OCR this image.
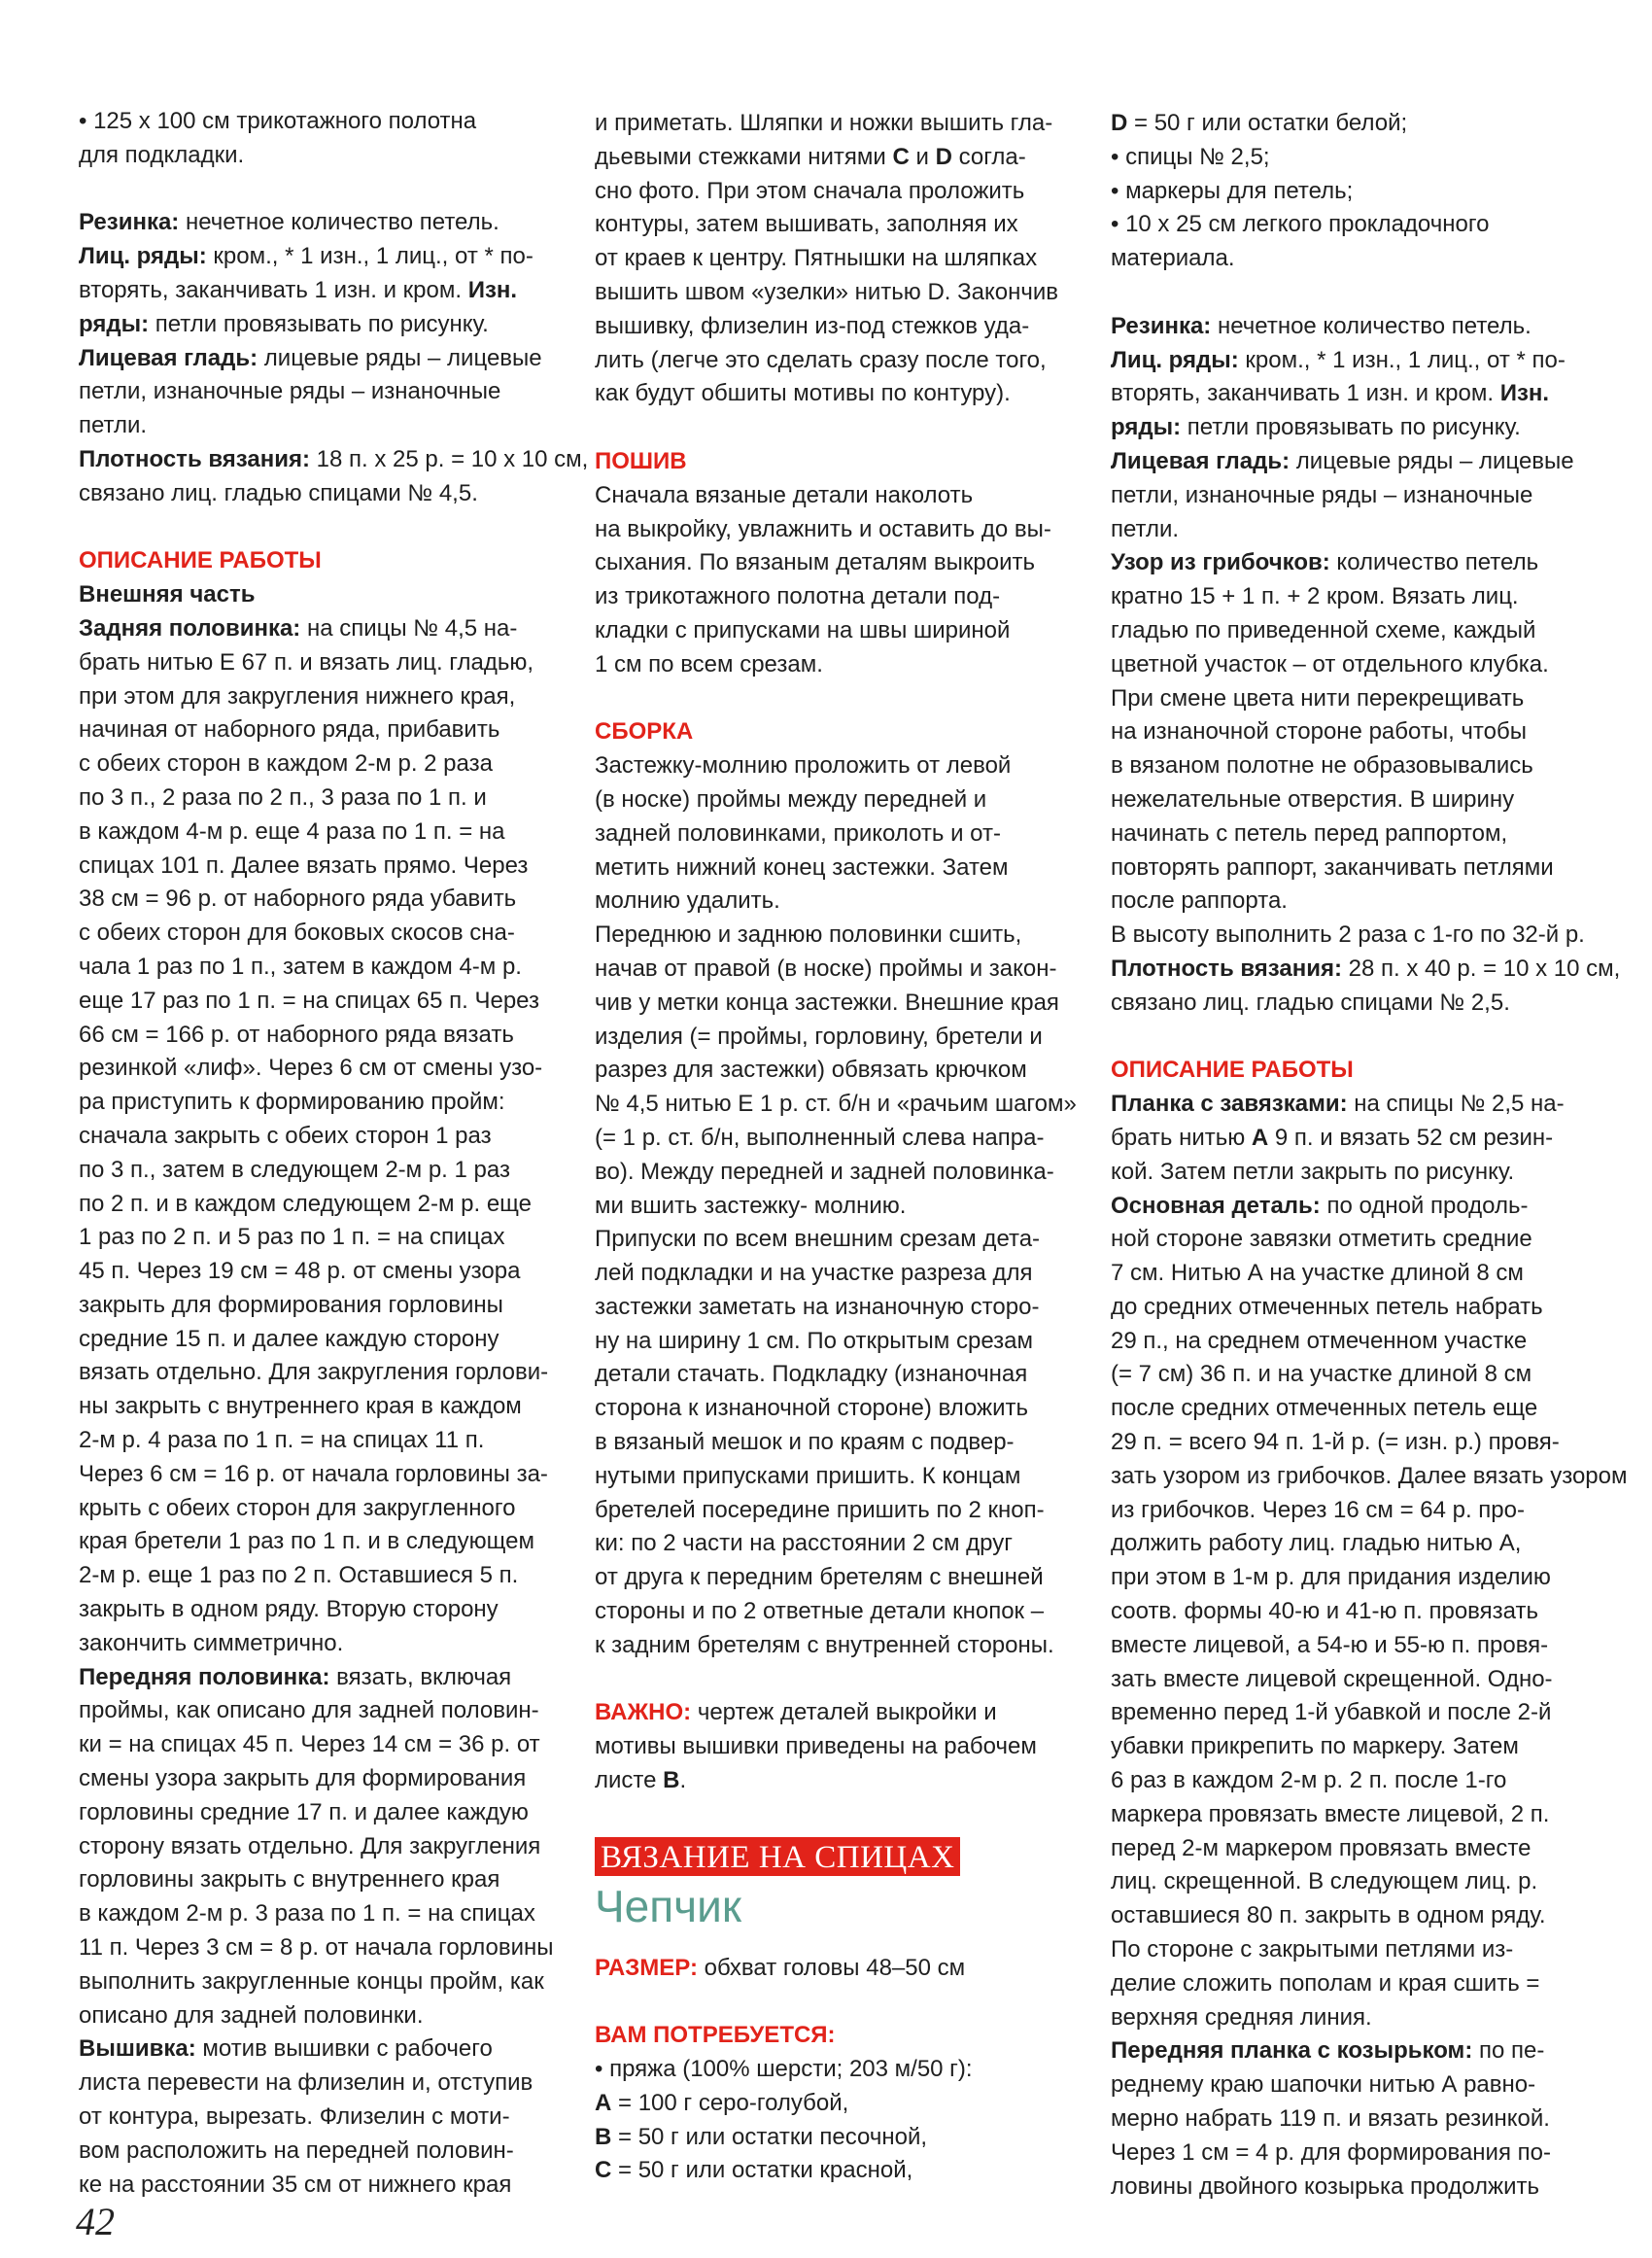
• 125 х 100 см трикотажного полотна

для подкладки.

Резинка: нечетное количество петель.

Лиц. ряды: кром., * 1 изн., 1 лиц., от * по-

вторять, заканчивать 1 изн. и кром. Изн.

ряды: петли провязывать по рисунку.

Лицевая гладь: лицевые ряды – лицевые

петли, изнаночные ряды – изнаночные

петли.

Плотность вязания: 18 п. х 25 р. = 10 х 10 см,

связано лиц. гладью спицами № 4,5.

ОПИСАНИЕ РАБОТЫ

Внешняя часть

Задняя половинка: на спицы № 4,5 на-

брать нитью Е 67 п. и вязать лиц. гладью,

при этом для закругления нижнего края,

начиная от наборного ряда, прибавить

с обеих сторон в каждом 2-м р. 2 раза

по 3 п., 2 раза по 2 п., 3 раза по 1 п. и

в каждом 4-м р. еще 4 раза по 1 п. = на

спицах 101 п. Далее вязать прямо. Через

38 см = 96 р. от наборного ряда убавить

с обеих сторон для боковых скосов сна-

чала 1 раз по 1 п., затем в каждом 4-м р.

еще 17 раз по 1 п. = на спицах 65 п. Через

66 см = 166 р. от наборного ряда вязать

резинкой «лиф». Через 6 см от смены узо-

ра приступить к формированию пройм:

сначала закрыть с обеих сторон 1 раз

по 3 п., затем в следующем 2-м р. 1 раз

по 2 п. и в каждом следующем 2-м р. еще

1 раз по 2 п. и 5 раз по 1 п. = на спицах

45 п. Через 19 см = 48 р. от смены узора

закрыть для формирования горловины

средние 15 п. и далее каждую сторону

вязать отдельно. Для закругления горлови-

ны закрыть с внутреннего края в каждом

2-м р. 4 раза по 1 п. = на спицах 11 п.

Через 6 см = 16 р. от начала горловины за-

крыть с обеих сторон для закругленного

края бретели 1 раз по 1 п. и в следующем

2-м р. еще 1 раз по 2 п. Оставшиеся 5 п.

закрыть в одном ряду. Вторую сторону

закончить симметрично.

Передняя половинка: вязать, включая

проймы, как описано для задней половин-

ки = на спицах 45 п. Через 14 см = 36 р. от

смены узора закрыть для формирования

горловины средние 17 п. и далее каждую

сторону вязать отдельно. Для закругления

горловины закрыть с внутреннего края

в каждом 2-м р. 3 раза по 1 п. = на спицах

11 п. Через 3 см = 8 р. от начала горловины

выполнить закругленные концы пройм, как

описано для задней половинки.

Вышивка: мотив вышивки с рабочего

листа перевести на флизелин и, отступив

от контура, вырезать. Флизелин с моти-

вом расположить на передней половин-

ке на расстоянии 35 см от нижнего края

и приметать. Шляпки и ножки вышить гла-

дьевыми стежками нитями С и D согла-

сно фото. При этом сначала проложить

контуры, затем вышивать, заполняя их

от краев к центру. Пятнышки на шляпках

вышить швом «узелки» нитью D. Закончив

вышивку, флизелин из-под стежков уда-

лить (легче это сделать сразу после того,

как будут обшиты мотивы по контуру).

ПОШИВ

Сначала вязаные детали наколоть

на выкройку, увлажнить и оставить до вы-

сыхания. По вязаным деталям выкроить

из трикотажного полотна детали под-

кладки с припусками на швы шириной

1 см по всем срезам.

СБОРКА

Застежку-молнию проложить от левой

(в носке) проймы между передней и

задней половинками, приколоть и от-

метить нижний конец застежки. Затем

молнию удалить.

Переднюю и заднюю половинки сшить,

начав от правой (в носке) проймы и закон-

чив у метки конца застежки. Внешние края

изделия (= проймы, горловину, бретели и

разрез для застежки) обвязать крючком

№ 4,5 нитью Е 1 р. ст. б/н и «рачьим шагом»

(= 1 р. ст. б/н, выполненный слева напра-

во). Между передней и задней половинка-

ми вшить застежку- молнию.

Припуски по всем внешним срезам дета-

лей подкладки и на участке разреза для

застежки заметать на изнаночную сторо-

ну на ширину 1 см. По открытым срезам

детали стачать. Подкладку (изнаночная

сторона к изнаночной стороне) вложить

в вязаный мешок и по краям с подвер-

нутыми припусками пришить. К концам

бретелей посередине пришить по 2 кноп-

ки: по 2 части на расстоянии 2 см друг

от друга к передним бретелям с внешней

стороны и по 2 ответные детали кнопок –

к задним бретелям с внутренней стороны.

ВАЖНО: чертеж деталей выкройки и

мотивы вышивки приведены на рабочем

листе В.

ВЯЗАНИЕ НА СПИЦАХ
Чепчик

РАЗМЕР: обхват головы 48–50 см

ВАМ ПОТРЕБУЕТСЯ:

• пряжа (100% шерсти; 203 м/50 г):

А = 100 г серо-голубой,

В = 50 г или остатки песочной,

С = 50 г или остатки красной,

D = 50 г или остатки белой;

• спицы № 2,5;

• маркеры для петель;

• 10 х 25 см легкого прокладочного

материала.

Резинка: нечетное количество петель.

Лиц. ряды: кром., * 1 изн., 1 лиц., от * по-

вторять, заканчивать 1 изн. и кром. Изн.

ряды: петли провязывать по рисунку.

Лицевая гладь: лицевые ряды – лицевые

петли, изнаночные ряды – изнаночные

петли.

Узор из грибочков: количество петель

кратно 15 + 1 п. + 2 кром. Вязать лиц.

гладью по приведенной схеме, каждый

цветной участок – от отдельного клубка.

При смене цвета нити перекрещивать

на изнаночной стороне работы, чтобы

в вязаном полотне не образовывались

нежелательные отверстия. В ширину

начинать с петель перед раппортом,

повторять раппорт, заканчивать петлями

после раппорта.

В высоту выполнить 2 раза с 1-го по 32-й р.

Плотность вязания: 28 п. х 40 р. = 10 х 10 см,

связано лиц. гладью спицами № 2,5.

ОПИСАНИЕ РАБОТЫ

Планка с завязками: на спицы № 2,5 на-

брать нитью А 9 п. и вязать 52 см резин-

кой. Затем петли закрыть по рисунку.

Основная деталь: по одной продоль-

ной стороне завязки отметить средние

7 см. Нитью А на участке длиной 8 см

до средних отмеченных петель набрать

29 п., на среднем отмеченном участке

(= 7 см) 36 п. и на участке длиной 8 см

после средних отмеченных петель еще

29 п. = всего 94 п. 1-й р. (= изн. р.) провя-

зать узором из грибочков. Далее вязать узором

из грибочков. Через 16 см = 64 р. про-

должить работу лиц. гладью нитью А,

при этом в 1-м р. для придания изделию

соотв. формы 40-ю и 41-ю п. провязать

вместе лицевой, а 54-ю и 55-ю п. провя-

зать вместе лицевой скрещенной. Одно-

временно перед 1-й убавкой и после 2-й

убавки прикрепить по маркеру. Затем

6 раз в каждом 2-м р. 2 п. после 1-го

маркера провязать вместе лицевой, 2 п.

перед 2-м маркером провязать вместе

лиц. скрещенной. В следующем лиц. р.

оставшиеся 80 п. закрыть в одном ряду.

По стороне с закрытыми петлями из-

делие сложить пополам и края сшить =

верхняя средняя линия.

Передняя планка с козырьком: по пе-

реднему краю шапочки нитью А равно-

мерно набрать 119 п. и вязать резинкой.

Через 1 см = 4 р. для формирования по-

ловины двойного козырька продолжить

42
